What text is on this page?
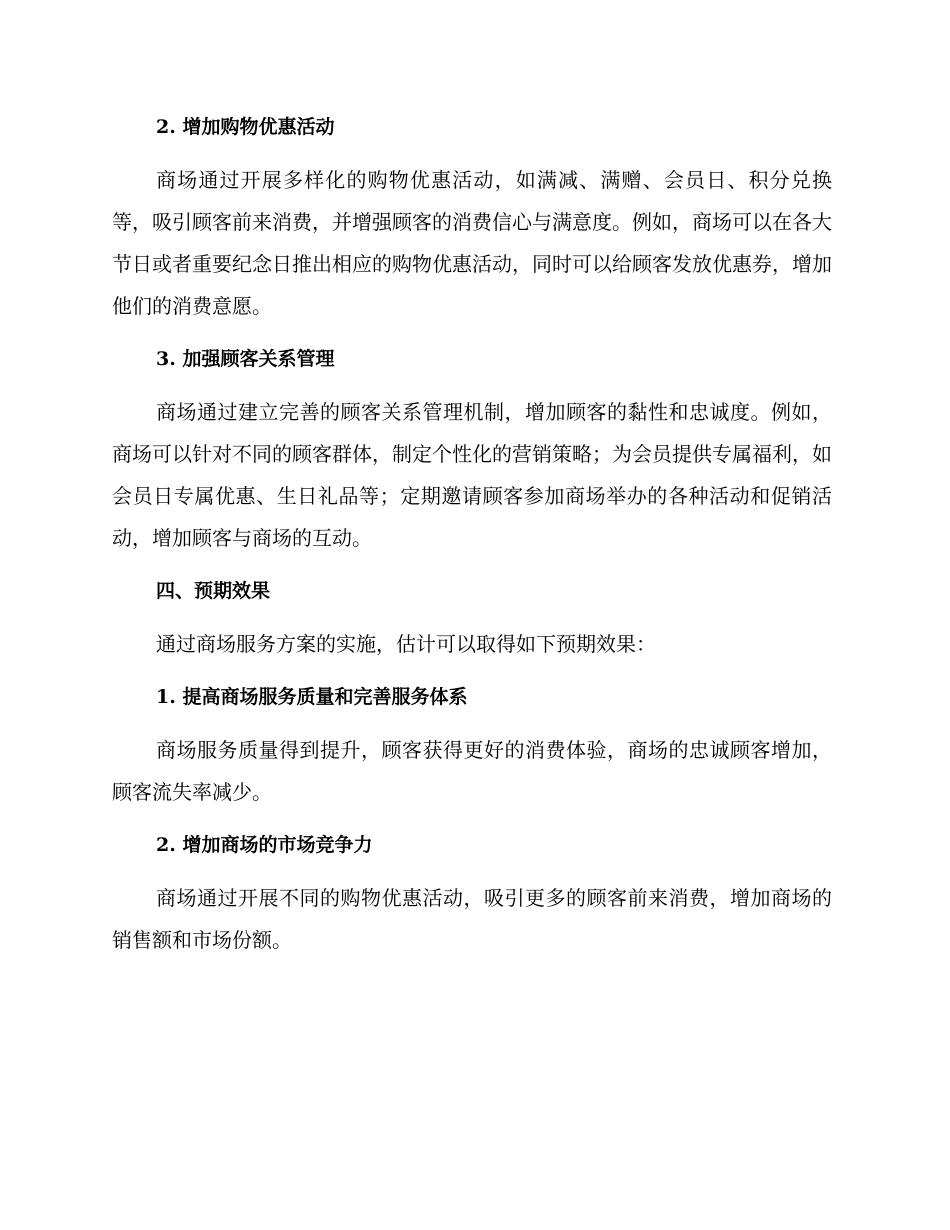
2. 增加购物优惠活动

商场通过开展多样化的购物优惠活动，如满减、满赠、会员日、积分兑换等，吸引顾客前来消费，并增强顾客的消费信心与满意度。例如，商场可以在各大节日或者重要纪念日推出相应的购物优惠活动，同时可以给顾客发放优惠券，增加他们的消费意愿。

3. 加强顾客关系管理

商场通过建立完善的顾客关系管理机制，增加顾客的黏性和忠诚度。例如，商场可以针对不同的顾客群体，制定个性化的营销策略；为会员提供专属福利，如会员日专属优惠、生日礼品等；定期邀请顾客参加商场举办的各种活动和促销活动，增加顾客与商场的互动。

四、预期效果

通过商场服务方案的实施，估计可以取得如下预期效果：

1. 提高商场服务质量和完善服务体系

商场服务质量得到提升，顾客获得更好的消费体验，商场的忠诚顾客增加，顾客流失率减少。

2. 增加商场的市场竞争力

商场通过开展不同的购物优惠活动，吸引更多的顾客前来消费，增加商场的销售额和市场份额。
